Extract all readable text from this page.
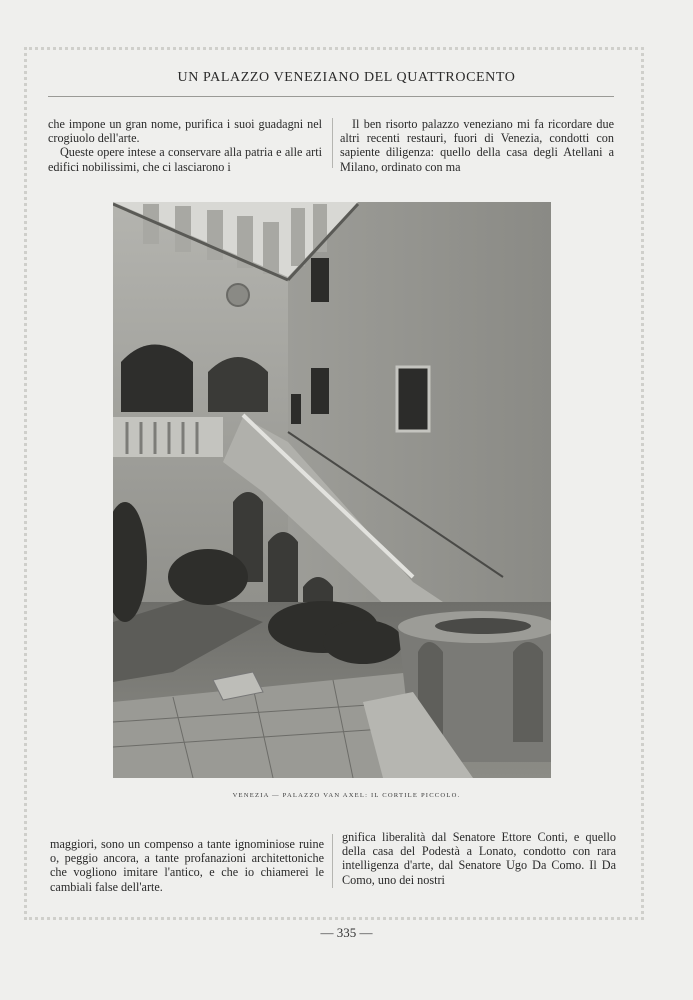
UN PALAZZO VENEZIANO DEL QUATTROCENTO

che impone un gran nome, purifica i suoi guadagni nel crogiuolo dell'arte.

Queste opere intese a conservare alla patria e alle arti edifici nobilissimi, che ci lasciarono i

Il ben risorto palazzo veneziano mi fa ricordare due altri recenti restauri, fuori di Venezia, condotti con sapiente diligenza: quello della casa degli Atellani a Milano, ordinato con ma

VENEZIA — PALAZZO VAN AXEL: IL CORTILE PICCOLO.

maggiori, sono un compenso a tante ignominiose ruine o, peggio ancora, a tante profanazioni architettoniche che vogliono imitare l'antico, e che io chiamerei le cambiali false dell'arte.

gnifica liberalità dal Senatore Ettore Conti, e quello della casa del Podestà a Lonato, condotto con rara intelligenza d'arte, dal Senatore Ugo Da Como. Il Da Como, uno dei nostri

— 335 —
